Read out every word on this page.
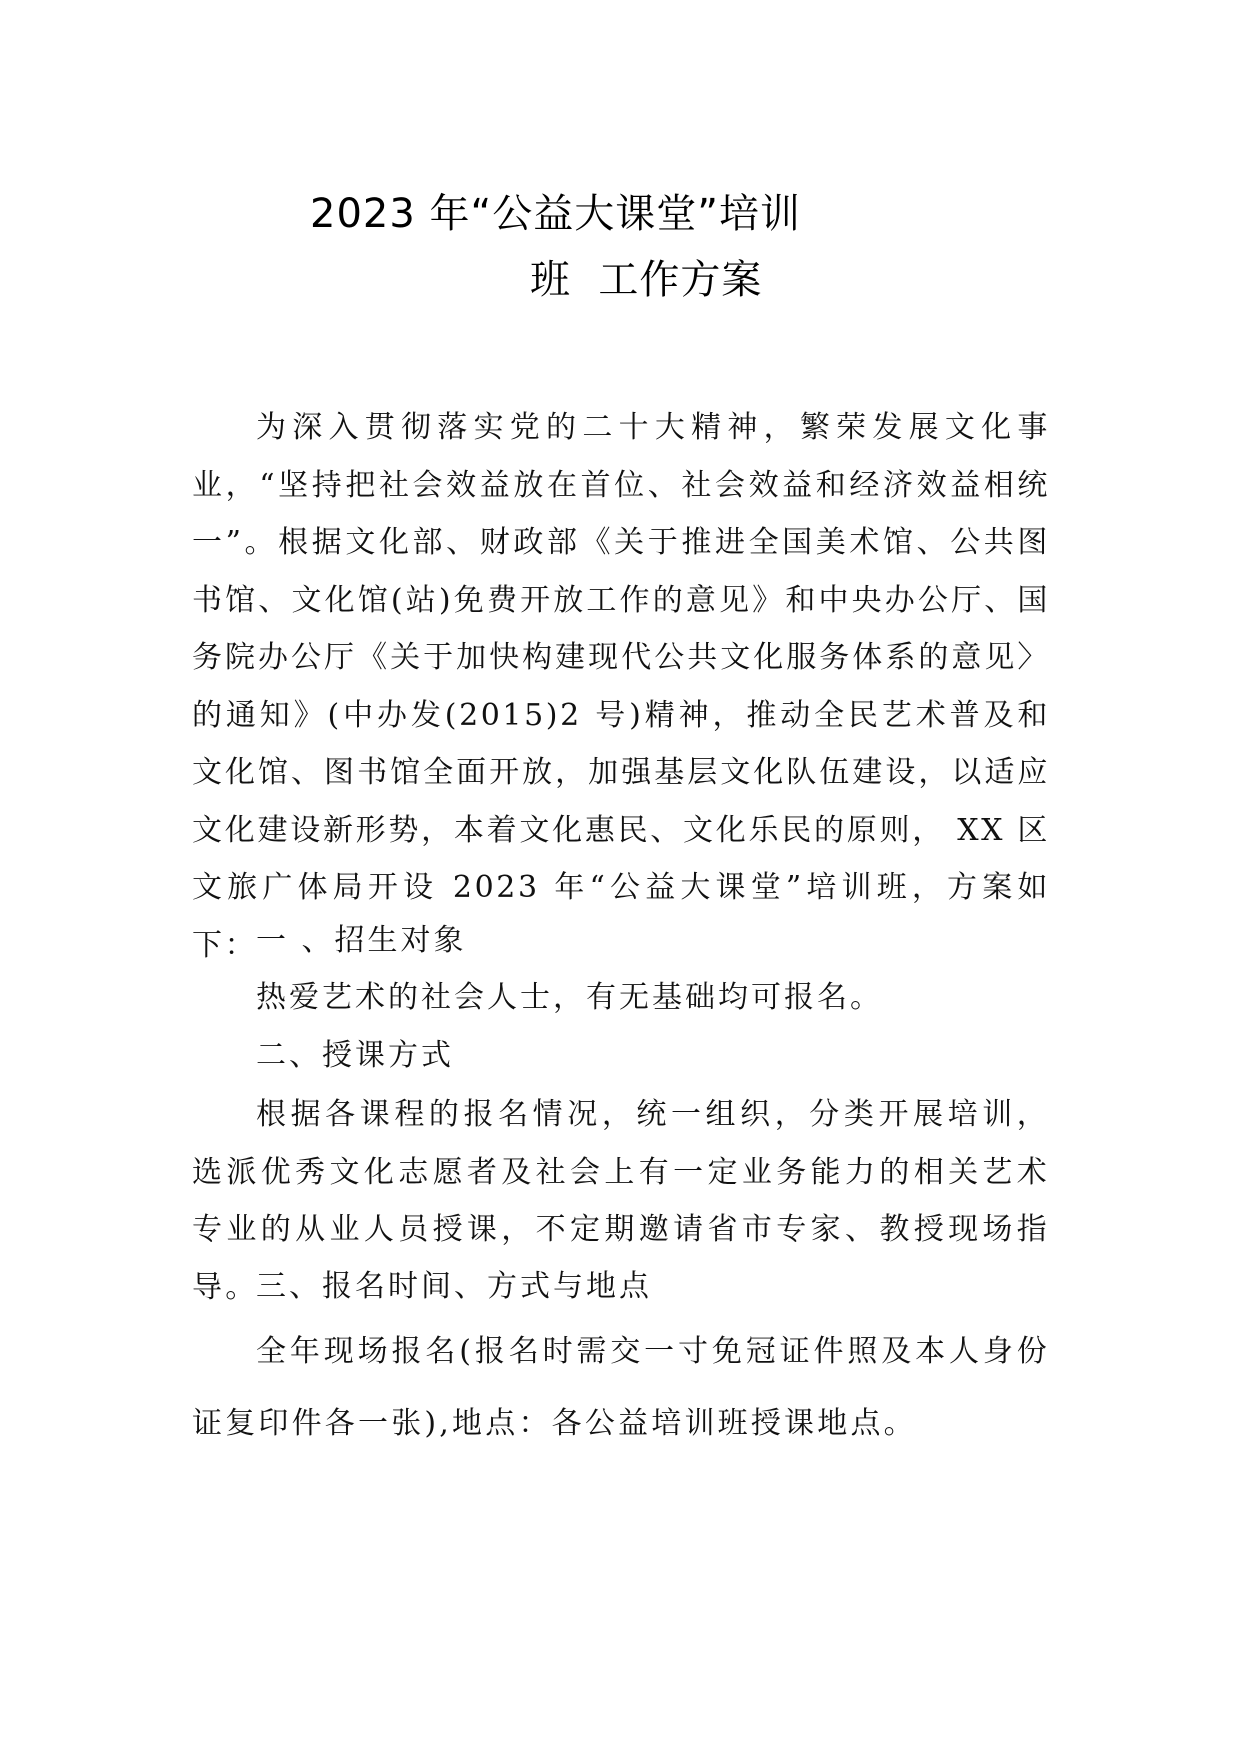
2023 年“公益大课堂”培训
班  工作方案

为深入贯彻落实党的二十大精神，繁荣发展文化事业，“坚持把社会效益放在首位、社会效益和经济效益相统一”。根据文化部、财政部《关于推进全国美术馆、公共图书馆、文化馆(站)免费开放工作的意见》和中央办公厅、国务院办公厅《关于加快构建现代公共文化服务体系的意见〉的通知》(中办发(2015)2 号)精神，推动全民艺术普及和文化馆、图书馆全面开放，加强基层文化队伍建设，以适应文化建设新形势，本着文化惠民、文化乐民的原则， XX 区文旅广体局开设 2023 年“公益大课堂”培训班，方案如下：

一 、招生对象

热爱艺术的社会人士，有无基础均可报名。

二、授课方式

根据各课程的报名情况，统一组织，分类开展培训，选派优秀文化志愿者及社会上有一定业务能力的相关艺术专业的从业人员授课，不定期邀请省市专家、教授现场指导。

三、报名时间、方式与地点

全年现场报名(报名时需交一寸免冠证件照及本人身份证复印件各一张),地点：各公益培训班授课地点。
